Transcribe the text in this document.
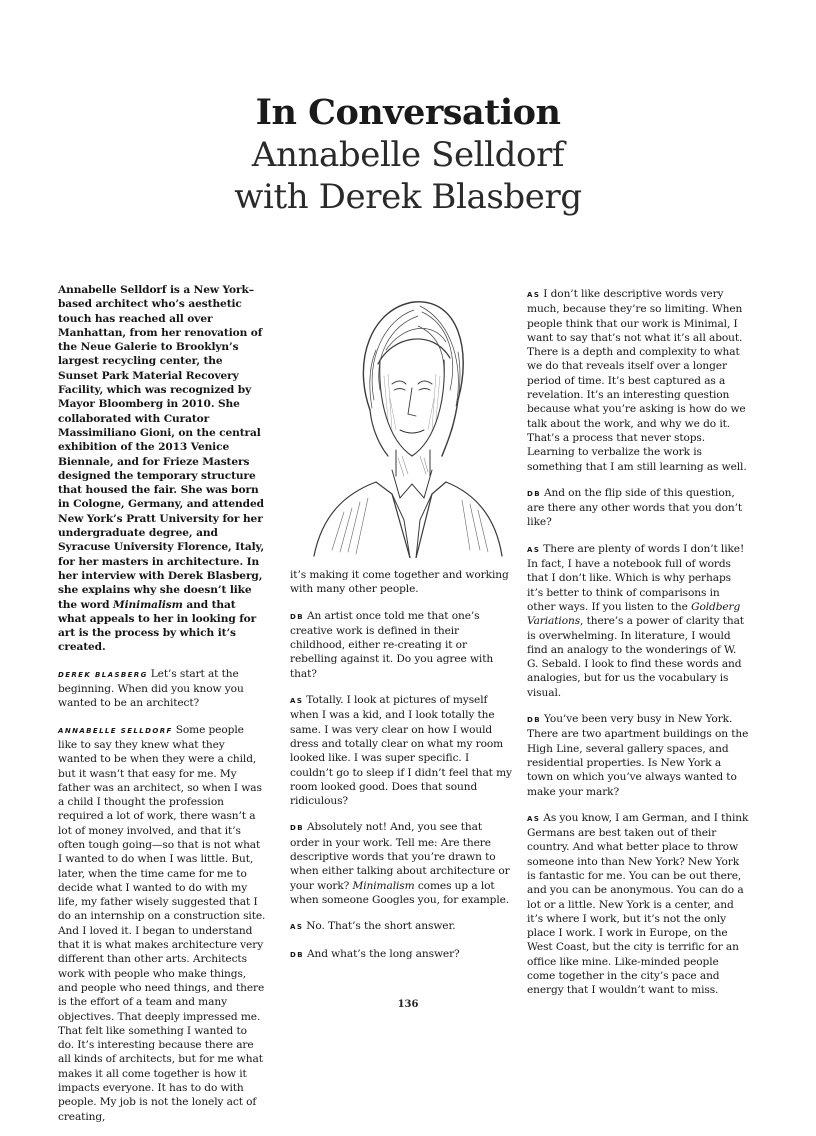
In Conversation
Annabelle Selldorf
with Derek Blasberg

Annabelle Selldorf is a New York–based architect who’s aesthetic touch has reached all over Manhattan, from her renovation of the Neue Galerie to Brooklyn’s largest recycling center, the Sunset Park Material Recovery Facility, which was recognized by Mayor Bloomberg in 2010. She collaborated with Curator Massimiliano Gioni, on the central exhibition of the 2013 Venice Biennale, and for Frieze Masters designed the temporary structure that housed the fair. She was born in Cologne, Germany, and attended New York’s Pratt University for her undergraduate degree, and Syracuse University Florence, Italy, for her masters in architecture. In her interview with Derek Blasberg, she explains why she doesn’t like the word Minimalism and that what appeals to her in looking for art is the process by which it’s created.

DEREK BLASBERG Let’s start at the beginning. When did you know you wanted to be an architect?

ANNABELLE SELLDORF Some people like to say they knew what they wanted to be when they were a child, but it wasn’t that easy for me. My father was an architect, so when I was a child I thought the profession required a lot of work, there wasn’t a lot of money involved, and that it’s often tough going—so that is not what I wanted to do when I was little. But, later, when the time came for me to decide what I wanted to do with my life, my father wisely suggested that I do an internship on a construction site. And I loved it. I began to understand that it is what makes architecture very different than other arts. Architects work with people who make things, and people who need things, and there is the effort of a team and many objectives. That deeply impressed me. That felt like something I wanted to do. It’s interesting because there are all kinds of architects, but for me what makes it all come together is how it impacts everyone. It has to do with people. My job is not the lonely act of creating,

it’s making it come together and working with many other people.

DB An artist once told me that one’s creative work is defined in their childhood, either re-creating it or rebelling against it. Do you agree with that?

AS Totally. I look at pictures of myself when I was a kid, and I look totally the same. I was very clear on how I would dress and totally clear on what my room looked like. I was super specific. I couldn’t go to sleep if I didn’t feel that my room looked good. Does that sound ridiculous?

DB Absolutely not! And, you see that order in your work. Tell me: Are there descriptive words that you’re drawn to when either talking about architecture or your work? Minimalism comes up a lot when someone Googles you, for example.

AS No. That’s the short answer.

DB And what’s the long answer?

AS I don’t like descriptive words very much, because they’re so limiting. When people think that our work is Minimal, I want to say that’s not what it’s all about. There is a depth and complexity to what we do that reveals itself over a longer period of time. It’s best captured as a revelation. It’s an interesting question because what you’re asking is how do we talk about the work, and why we do it. That’s a process that never stops. Learning to verbalize the work is something that I am still learning as well.

DB And on the flip side of this question, are there any other words that you don’t like?

AS There are plenty of words I don’t like! In fact, I have a notebook full of words that I don’t like. Which is why perhaps it’s better to think of comparisons in other ways. If you listen to the Goldberg Variations, there’s a power of clarity that is overwhelming. In literature, I would find an analogy to the wonderings of W. G. Sebald. I look to find these words and analogies, but for us the vocabulary is visual.

DB You’ve been very busy in New York. There are two apartment buildings on the High Line, several gallery spaces, and residential properties. Is New York a town on which you’ve always wanted to make your mark?

AS As you know, I am German, and I think Germans are best taken out of their country. And what better place to throw someone into than New York? New York is fantastic for me. You can be out there, and you can be anonymous. You can do a lot or a little. New York is a center, and it’s where I work, but it’s not the only place I work. I work in Europe, on the West Coast, but the city is terrific for an office like mine. Like-minded people come together in the city’s pace and energy that I wouldn’t want to miss.

136
